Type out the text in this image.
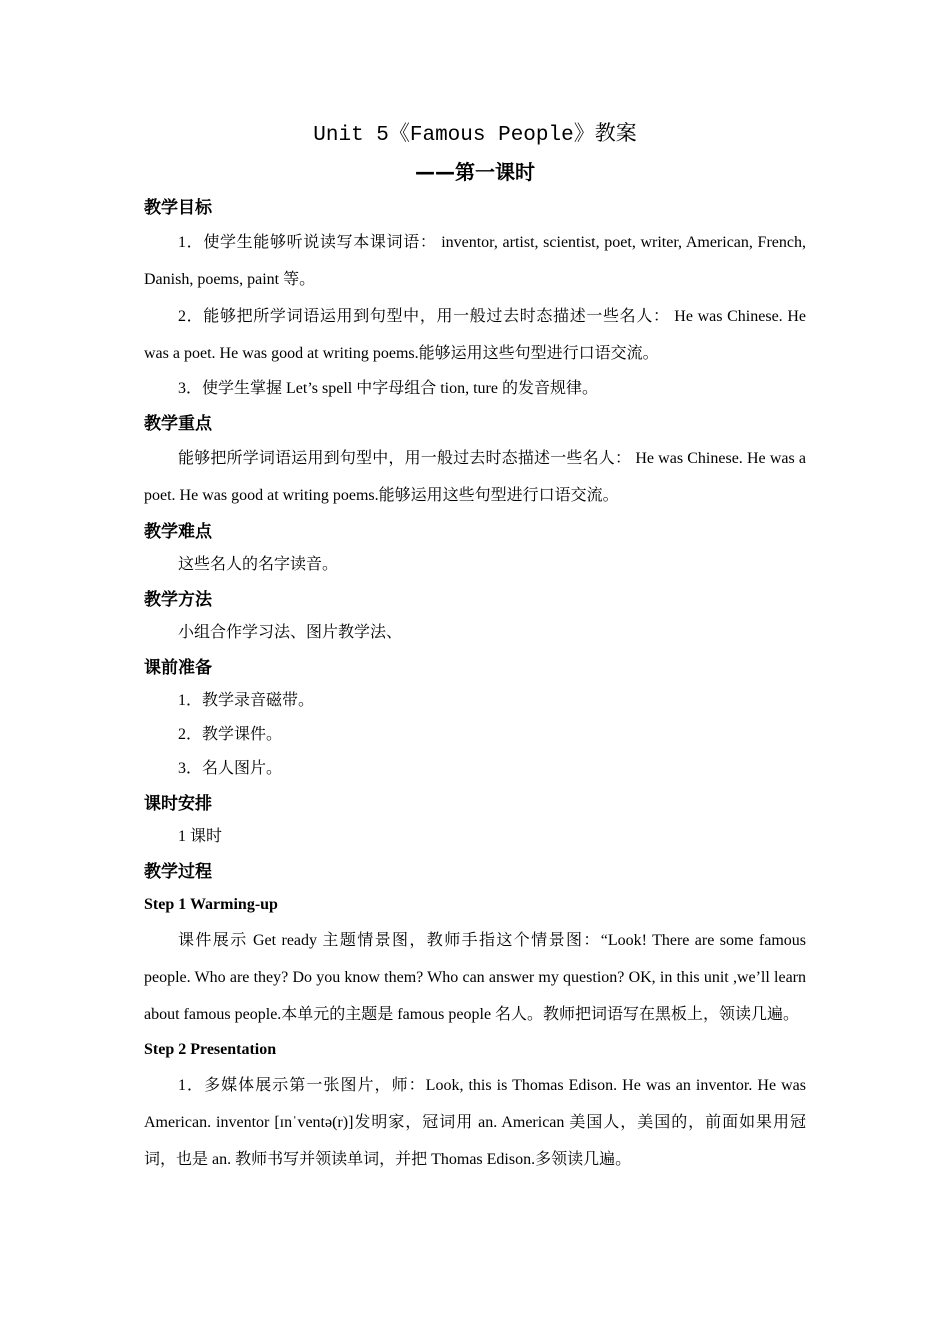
Unit 5《Famous People》教案

——第一课时

教学目标

1．使学生能够听说读写本课词语： inventor, artist, scientist, poet, writer, American, French, Danish, poems, paint 等。

2．能够把所学词语运用到句型中，用一般过去时态描述一些名人： He was Chinese. He was a poet. He was good at writing poems.能够运用这些句型进行口语交流。

3．使学生掌握 Let’s spell 中字母组合 tion, ture 的发音规律。

教学重点

能够把所学词语运用到句型中，用一般过去时态描述一些名人： He was Chinese. He was a poet. He was good at writing poems.能够运用这些句型进行口语交流。

教学难点

这些名人的名字读音。

教学方法

小组合作学习法、图片教学法、

课前准备

1．教学录音磁带。

2．教学课件。

3．名人图片。

课时安排

1 课时

教学过程

Step 1 Warming-up

课件展示 Get ready 主题情景图，教师手指这个情景图：“Look! There are some famous people. Who are they? Do you know them? Who can answer my question? OK, in this unit ,we’ll learn about famous people.本单元的主题是 famous people 名人。教师把词语写在黑板上，领读几遍。

Step 2 Presentation

1．多媒体展示第一张图片，师：Look, this is Thomas Edison. He was an inventor. He was American. inventor [ɪnˈventə(r)]发明家，冠词用 an. American 美国人，美国的，前面如果用冠词，也是 an. 教师书写并领读单词，并把 Thomas Edison.多领读几遍。
